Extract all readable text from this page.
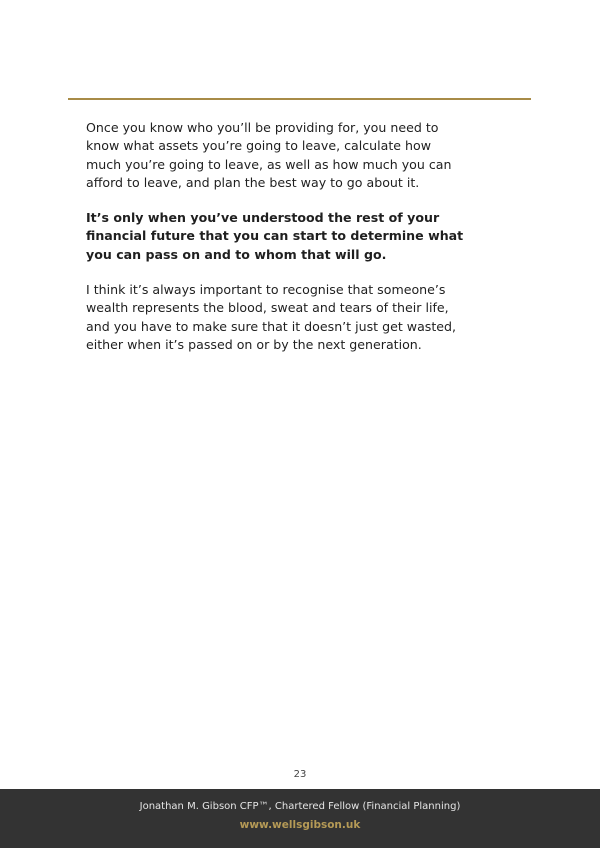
Once you know who you’ll be providing for, you need to
know what assets you’re going to leave, calculate how
much you’re going to leave, as well as how much you can
afford to leave, and plan the best way to go about it.

It’s only when you’ve understood the rest of your
financial future that you can start to determine what
you can pass on and to whom that will go.

I think it’s always important to recognise that someone’s
wealth represents the blood, sweat and tears of their life,
and you have to make sure that it doesn’t just get wasted,
either when it’s passed on or by the next generation.

23
Jonathan M. Gibson CFP™, Chartered Fellow (Financial Planning)
www.wellsgibson.uk
